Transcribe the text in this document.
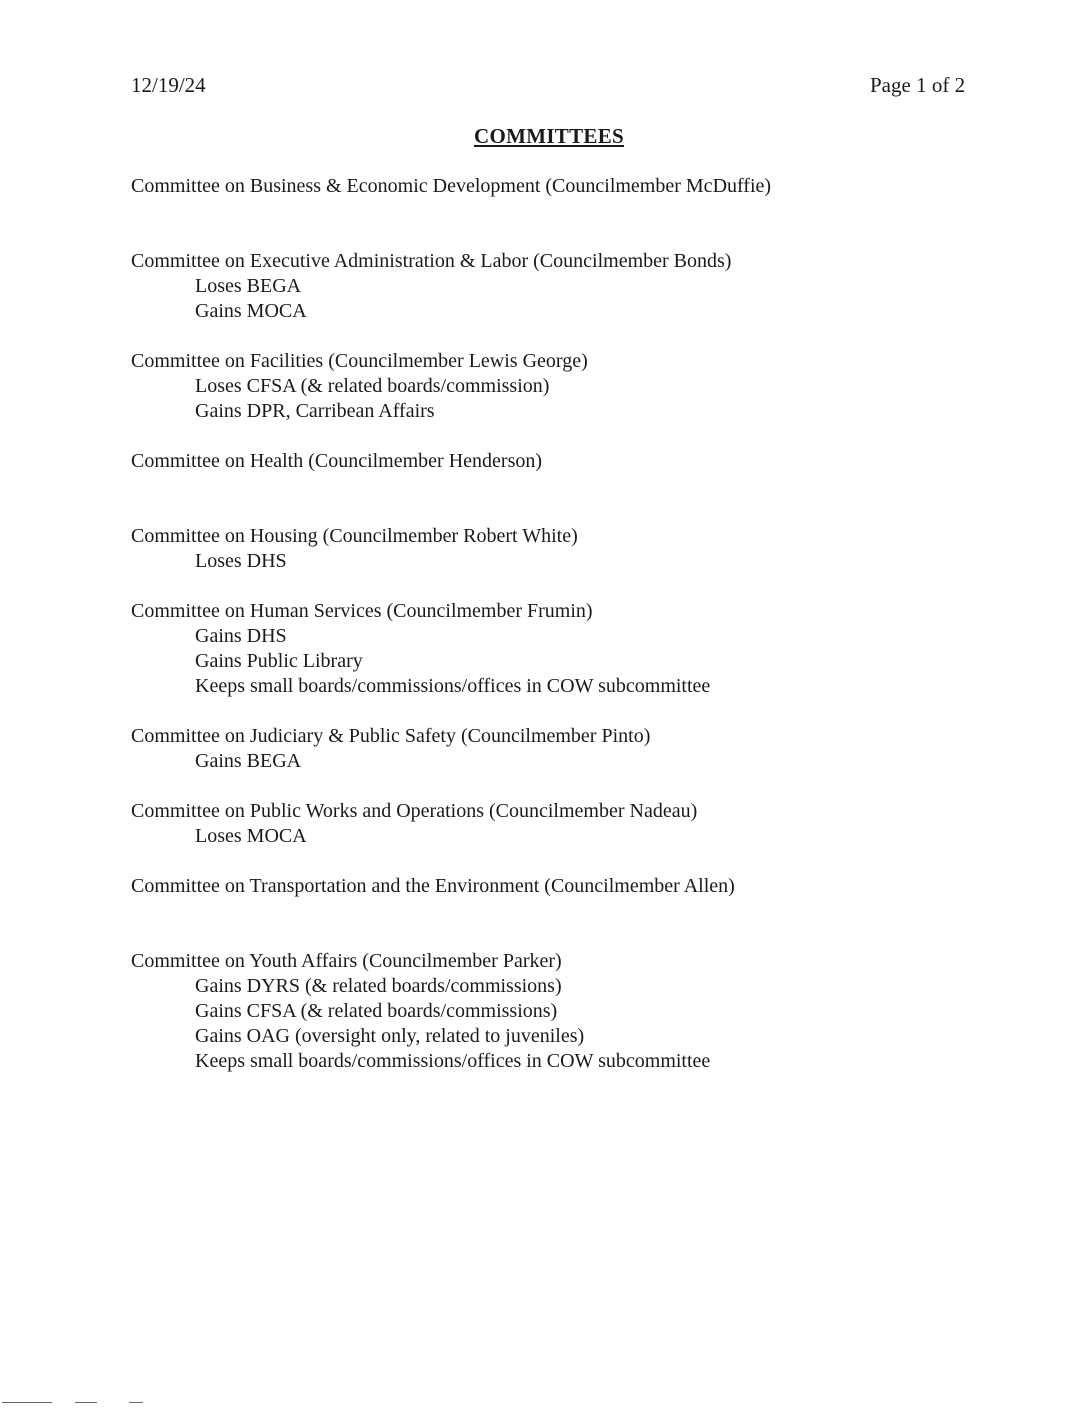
12/19/24	Page 1 of 2
COMMITTEES
Committee on Business & Economic Development (Councilmember McDuffie)
Committee on Executive Administration & Labor (Councilmember Bonds)
Loses BEGA
Gains MOCA
Committee on Facilities (Councilmember Lewis George)
Loses CFSA (& related boards/commission)
Gains DPR, Carribean Affairs
Committee on Health (Councilmember Henderson)
Committee on Housing (Councilmember Robert White)
Loses DHS
Committee on Human Services (Councilmember Frumin)
Gains DHS
Gains Public Library
Keeps small boards/commissions/offices in COW subcommittee
Committee on Judiciary & Public Safety (Councilmember Pinto)
Gains BEGA
Committee on Public Works and Operations (Councilmember Nadeau)
Loses MOCA
Committee on Transportation and the Environment (Councilmember Allen)
Committee on Youth Affairs (Councilmember Parker)
Gains DYRS (& related boards/commissions)
Gains CFSA (& related boards/commissions)
Gains OAG (oversight only, related to juveniles)
Keeps small boards/commissions/offices in COW subcommittee
